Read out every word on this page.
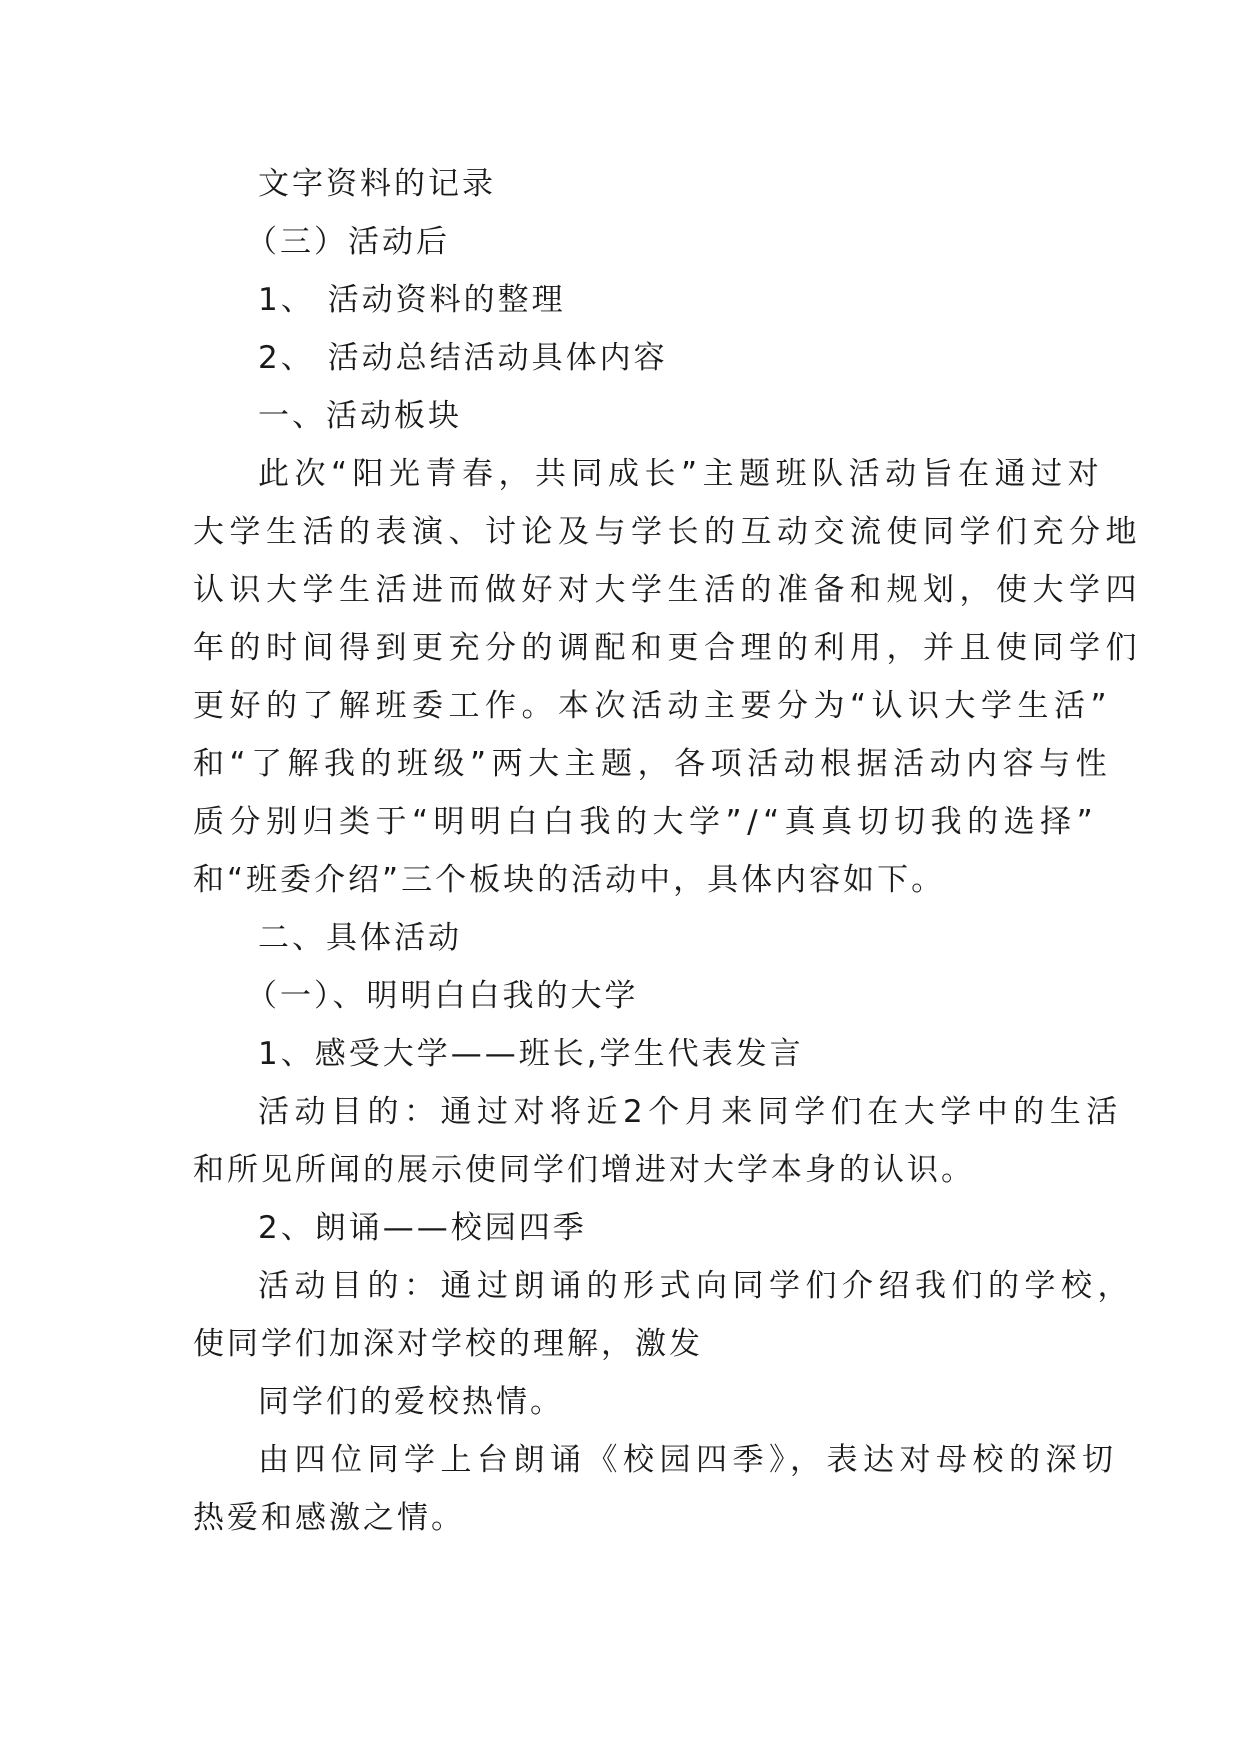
文字资料的记录

（三）活动后

1、 活动资料的整理

2、 活动总结活动具体内容

一、活动板块

此次“阳光青春，共同成长”主题班队活动旨在通过对

大学生活的表演、讨论及与学长的互动交流使同学们充分地

认识大学生活进而做好对大学生活的准备和规划，使大学四

年的时间得到更充分的调配和更合理的利用，并且使同学们

更好的了解班委工作。本次活动主要分为“认识大学生活”

和“了解我的班级”两大主题，各项活动根据活动内容与性

质分别归类于“明明白白我的大学”/“真真切切我的选择”

和“班委介绍”三个板块的活动中，具体内容如下。

二、具体活动

（一）、明明白白我的大学

1、感受大学——班长,学生代表发言

活动目的：通过对将近2个月来同学们在大学中的生活

和所见所闻的展示使同学们增进对大学本身的认识。

2、朗诵——校园四季

活动目的：通过朗诵的形式向同学们介绍我们的学校，

使同学们加深对学校的理解，激发

同学们的爱校热情。

由四位同学上台朗诵《校园四季》，表达对母校的深切

热爱和感激之情。
